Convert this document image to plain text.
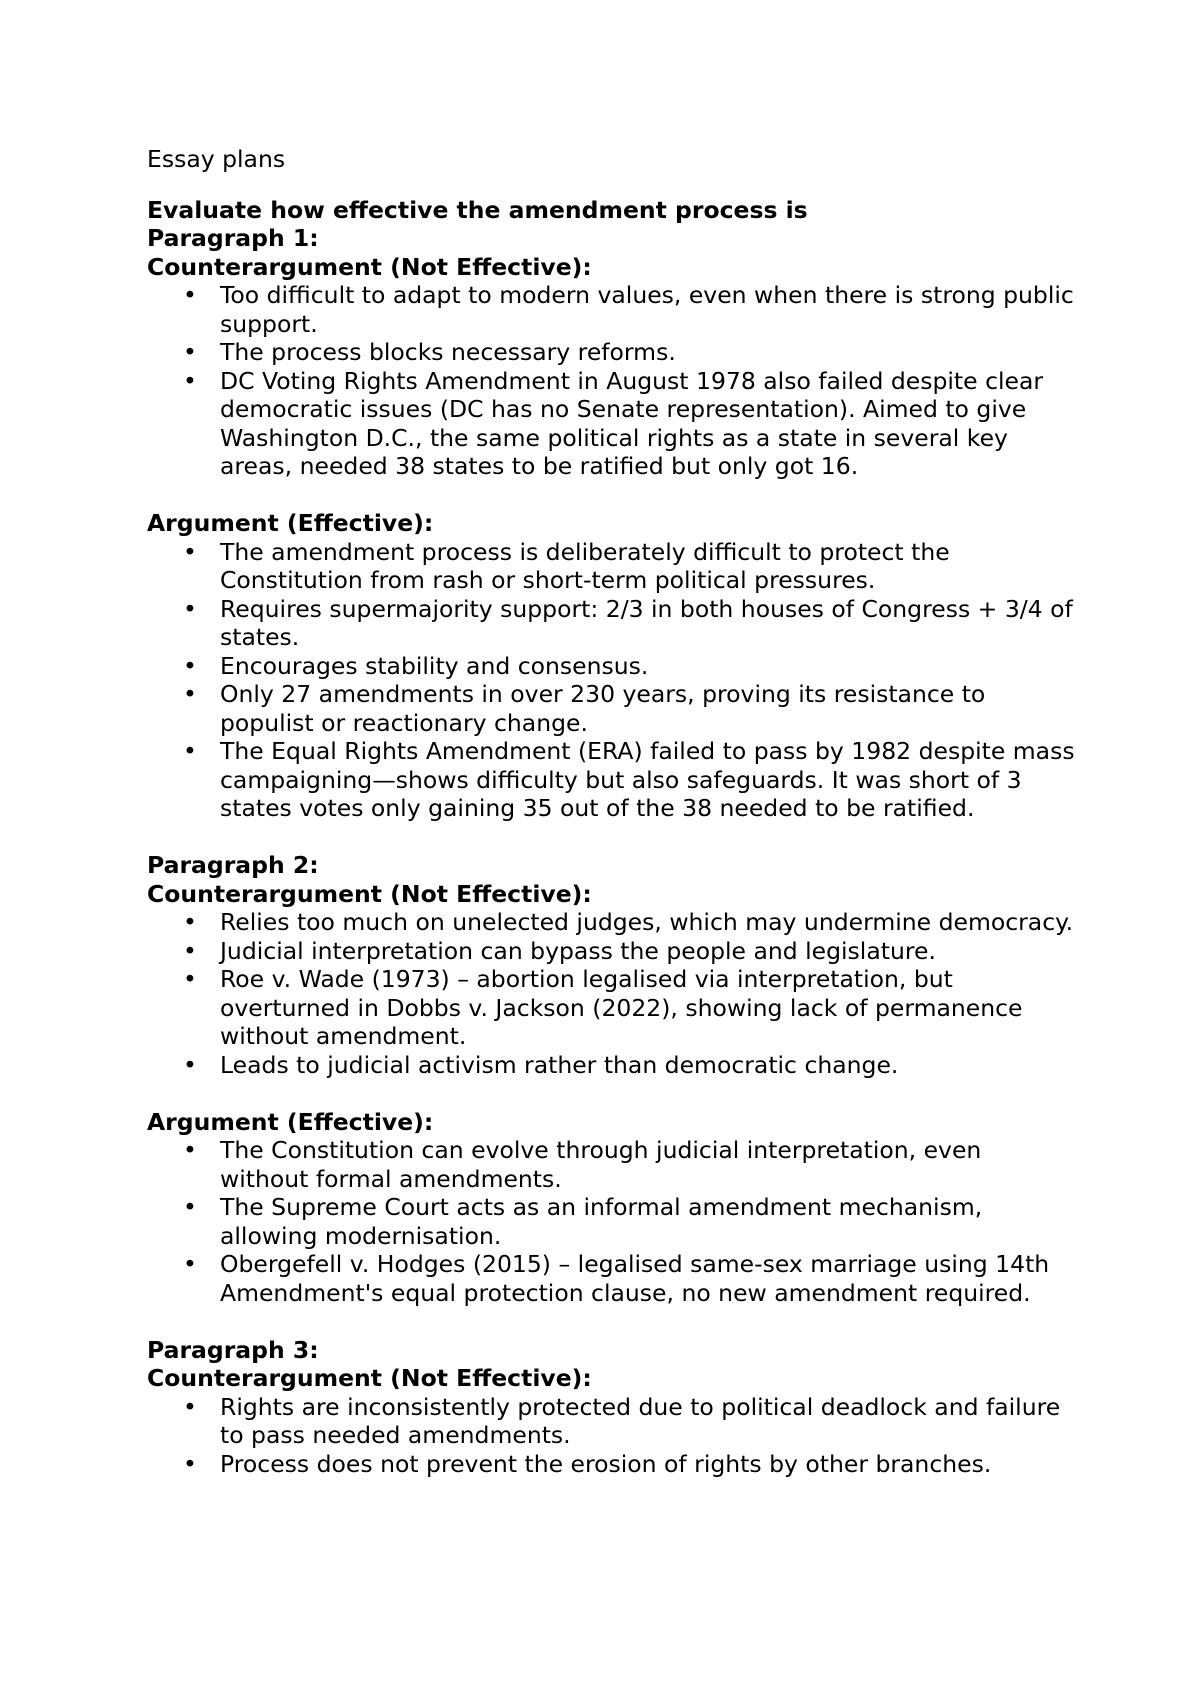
Essay plans

Evaluate how effective the amendment process is

Paragraph 1:

Counterargument (Not Effective):

• Too difficult to adapt to modern values, even when there is strong public support.
• The process blocks necessary reforms.
• DC Voting Rights Amendment in August 1978 also failed despite clear democratic issues (DC has no Senate representation). Aimed to give Washington D.C., the same political rights as a state in several key areas, needed 38 states to be ratified but only got 16.

Argument (Effective):

• The amendment process is deliberately difficult to protect the Constitution from rash or short-term political pressures.
• Requires supermajority support: 2/3 in both houses of Congress + 3/4 of states.
• Encourages stability and consensus.
• Only 27 amendments in over 230 years, proving its resistance to populist or reactionary change.
• The Equal Rights Amendment (ERA) failed to pass by 1982 despite mass campaigning—shows difficulty but also safeguards. It was short of 3 states votes only gaining 35 out of the 38 needed to be ratified.

Paragraph 2:

Counterargument (Not Effective):

• Relies too much on unelected judges, which may undermine democracy.
• Judicial interpretation can bypass the people and legislature.
• Roe v. Wade (1973) – abortion legalised via interpretation, but overturned in Dobbs v. Jackson (2022), showing lack of permanence without amendment.
• Leads to judicial activism rather than democratic change.

Argument (Effective):

• The Constitution can evolve through judicial interpretation, even without formal amendments.
• The Supreme Court acts as an informal amendment mechanism, allowing modernisation.
• Obergefell v. Hodges (2015) – legalised same-sex marriage using 14th Amendment's equal protection clause, no new amendment required.

Paragraph 3:

Counterargument (Not Effective):

• Rights are inconsistently protected due to political deadlock and failure to pass needed amendments.
• Process does not prevent the erosion of rights by other branches.
